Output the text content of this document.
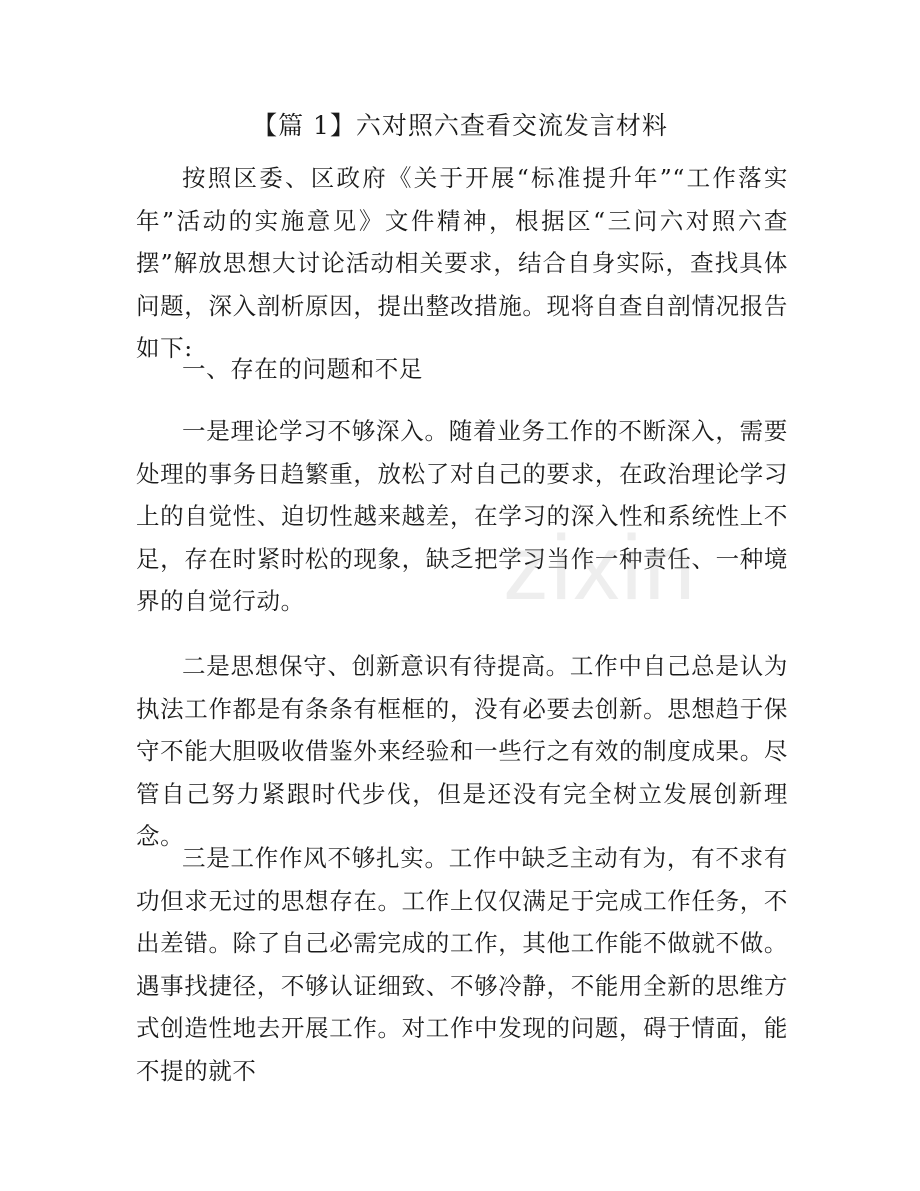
【篇 1】六对照六查看交流发言材料

按照区委、区政府《关于开展“标准提升年”“工作落实年”活动的实施意见》文件精神，根据区“三问六对照六查摆”解放思想大讨论活动相关要求，结合自身实际，查找具体问题，深入剖析原因，提出整改措施。现将自查自剖情况报告如下:

一、存在的问题和不足

一是理论学习不够深入。随着业务工作的不断深入，需要处理的事务日趋繁重，放松了对自己的要求，在政治理论学习上的自觉性、迫切性越来越差，在学习的深入性和系统性上不足，存在时紧时松的现象，缺乏把学习当作一种责任、一种境界的自觉行动。

二是思想保守、创新意识有待提高。工作中自己总是认为执法工作都是有条条有框框的，没有必要去创新。思想趋于保守不能大胆吸收借鉴外来经验和一些行之有效的制度成果。尽管自己努力紧跟时代步伐，但是还没有完全树立发展创新理念。

三是工作作风不够扎实。工作中缺乏主动有为，有不求有功但求无过的思想存在。工作上仅仅满足于完成工作任务，不出差错。除了自己必需完成的工作，其他工作能不做就不做。遇事找捷径，不够认证细致、不够冷静，不能用全新的思维方式创造性地去开展工作。对工作中发现的问题，碍于情面，能不提的就不

zixin
